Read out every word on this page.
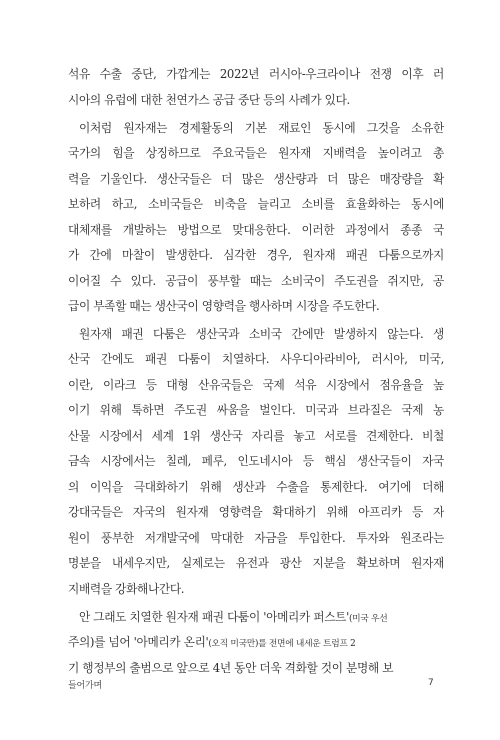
석유 수출 중단, 가깝게는 2022년 러시아-우크라이나 전쟁 이후 러
시아의 유럽에 대한 천연가스 공급 중단 등의 사례가 있다.
이처럼 원자재는 경제활동의 기본 재료인 동시에 그것을 소유한
국가의 힘을 상징하므로 주요국들은 원자재 지배력을 높이려고 총
력을 기울인다. 생산국들은 더 많은 생산량과 더 많은 매장량을 확
보하려 하고, 소비국들은 비축을 늘리고 소비를 효율화하는 동시에
대체재를 개발하는 방법으로 맞대응한다. 이러한 과정에서 종종 국
가 간에 마찰이 발생한다. 심각한 경우, 원자재 패권 다툼으로까지
이어질 수 있다. 공급이 풍부할 때는 소비국이 주도권을 쥐지만, 공
급이 부족할 때는 생산국이 영향력을 행사하며 시장을 주도한다.
원자재 패권 다툼은 생산국과 소비국 간에만 발생하지 않는다. 생
산국 간에도 패권 다툼이 치열하다. 사우디아라비아, 러시아, 미국,
이란, 이라크 등 대형 산유국들은 국제 석유 시장에서 점유율을 높
이기 위해 툭하면 주도권 싸움을 벌인다. 미국과 브라질은 국제 농
산물 시장에서 세계 1위 생산국 자리를 놓고 서로를 견제한다. 비철
금속 시장에서는 칠레, 페루, 인도네시아 등 핵심 생산국들이 자국
의 이익을 극대화하기 위해 생산과 수출을 통제한다. 여기에 더해
강대국들은 자국의 원자재 영향력을 확대하기 위해 아프리카 등 자
원이 풍부한 저개발국에 막대한 자금을 투입한다. 투자와 원조라는
명분을 내세우지만, 실제로는 유전과 광산 지분을 확보하며 원자재
지배력을 강화해나간다.
안 그래도 치열한 원자재 패권 다툼이 '아메리카 퍼스트'(미국 우선
주의)를 넘어 '아메리카 온리'(오직 미국만)를 전면에 내세운 트럼프 2
기 행정부의 출범으로 앞으로 4년 동안 더욱 격화할 것이 분명해 보
들어가며	7
